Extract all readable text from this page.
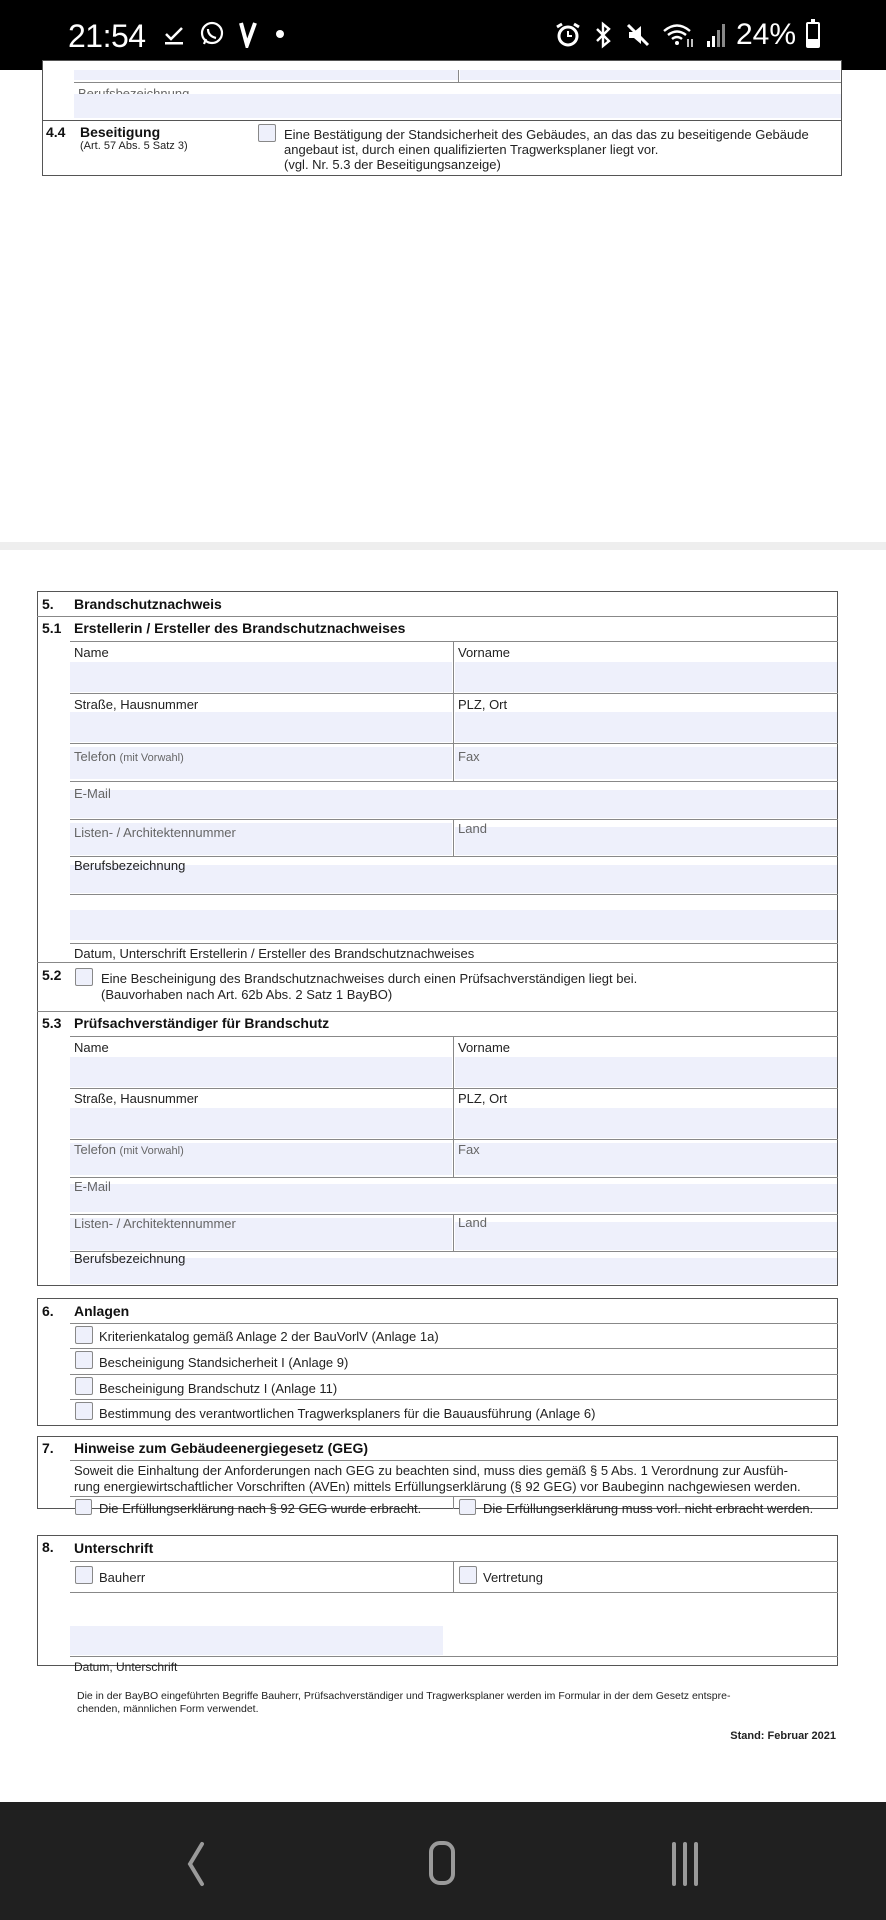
21:54	24%
4.4 Beseitigung
(Art. 57 Abs. 5 Satz 3)
Eine Bestätigung der Standsicherheit des Gebäudes, an das das zu beseitigende Gebäude
angebaut ist, durch einen qualifizierten Tragwerksplaner liegt vor.
(vgl. Nr. 5.3 der Beseitigungsanzeige)
5. Brandschutznachweis
5.1 Erstellerin / Ersteller des Brandschutznachweises
Name	Vorname
Straße, Hausnummer	PLZ, Ort
Telefon (mit Vorwahl)	Fax
E-Mail
Listen- / Architektennummer	Land
Berufsbezeichnung
Datum, Unterschrift Erstellerin / Ersteller des Brandschutznachweises
5.2	Eine Bescheinigung des Brandschutznachweises durch einen Prüfsachverständigen liegt bei.
(Bauvorhaben nach Art. 62b Abs. 2 Satz 1 BayBO)
5.3 Prüfsachverständiger für Brandschutz
Name	Vorname
Straße, Hausnummer	PLZ, Ort
Telefon (mit Vorwahl)	Fax
E-Mail
Listen- / Architektennummer	Land
Berufsbezeichnung
6. Anlagen
Kriterienkatalog gemäß Anlage 2 der BauVorlV (Anlage 1a)
Bescheinigung Standsicherheit I (Anlage 9)
Bescheinigung Brandschutz I (Anlage 11)
Bestimmung des verantwortlichen Tragwerksplaners für die Bauausführung (Anlage 6)
7. Hinweise zum Gebäudeenergiegesetz (GEG)
Soweit die Einhaltung der Anforderungen nach GEG zu beachten sind, muss dies gemäß § 5 Abs. 1 Verordnung zur Ausfüh-
rung energiewirtschaftlicher Vorschriften (AVEn) mittels Erfüllungserklärung (§ 92 GEG) vor Baubeginn nachgewiesen werden.
Die Erfüllungserklärung nach § 92 GEG wurde erbracht.	Die Erfüllungserklärung muss vorl. nicht erbracht werden.
8. Unterschrift
Bauherr	Vertretung
Datum, Unterschrift
Die in der BayBO eingeführten Begriffe Bauherr, Prüfsachverständiger und Tragwerksplaner werden im Formular in der dem Gesetz entspre-
chenden, männlichen Form verwendet.
Stand: Februar 2021
